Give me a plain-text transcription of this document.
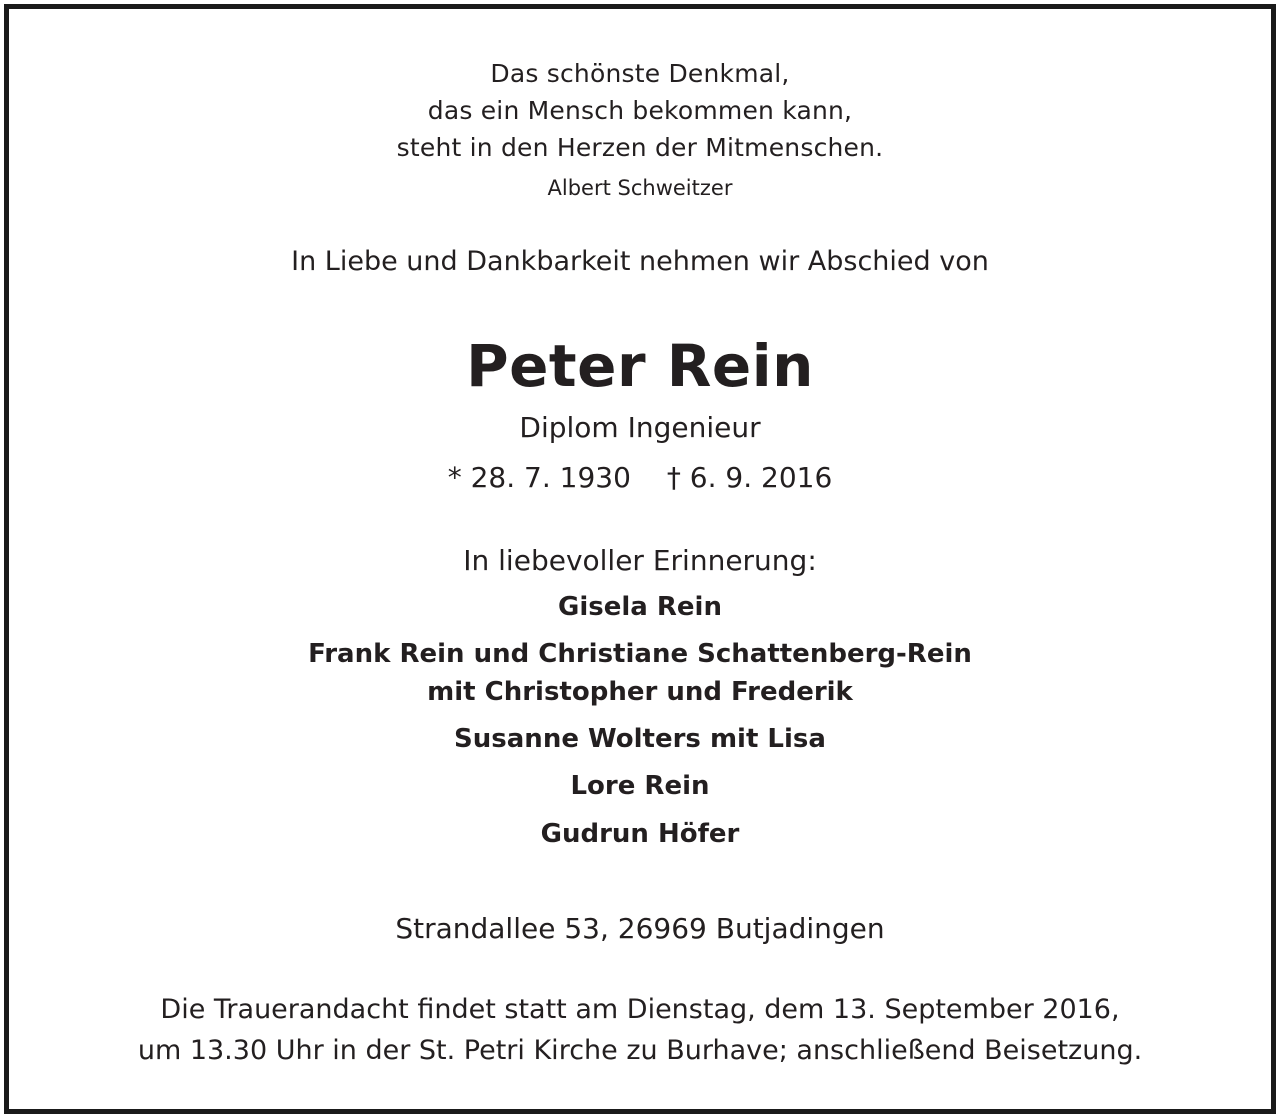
Das schönste Denkmal,
das ein Mensch bekommen kann,
steht in den Herzen der Mitmenschen.
Albert Schweitzer
In Liebe und Dankbarkeit nehmen wir Abschied von
Peter Rein
Diplom Ingenieur
* 28. 7. 1930 † 6. 9. 2016
In liebevoller Erinnerung:
Gisela Rein
Frank Rein und Christiane Schattenberg-Rein
mit Christopher und Frederik
Susanne Wolters mit Lisa
Lore Rein
Gudrun Höfer
Strandallee 53, 26969 Butjadingen
Die Trauerandacht findet statt am Dienstag, dem 13. September 2016,
um 13.30 Uhr in der St. Petri Kirche zu Burhave; anschließend Beisetzung.
